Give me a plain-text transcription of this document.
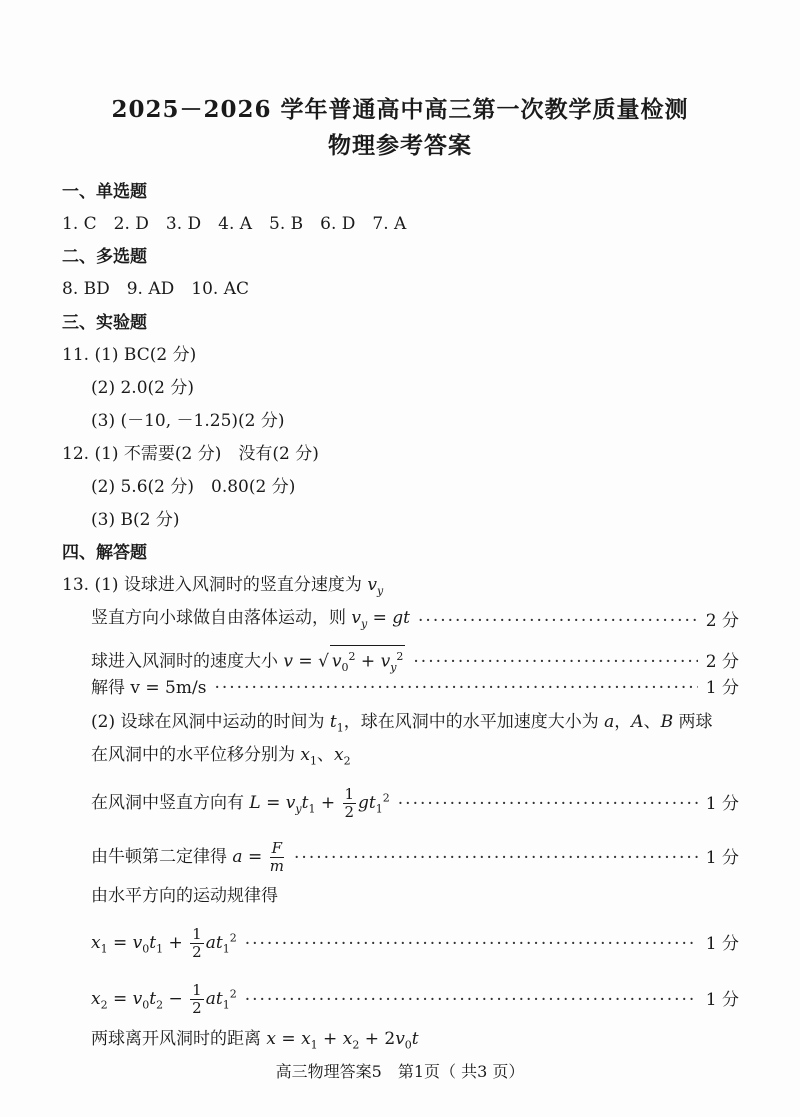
2025－2026 学年普通高中高三第一次教学质量检测
物理参考答案
一、单选题
1. C　2. D　3. D　4. A　5. B　6. D　7. A
二、多选题
8. BD　9. AD　10. AC
三、实验题
11. (1) BC(2 分)
(2) 2.0(2 分)
(3) (－10, －1.25)(2 分)
12. (1) 不需要(2 分)　没有(2 分)
(2) 5.6(2 分)　0.80(2 分)
(3) B(2 分)
四、解答题
13. (1) 设球进入风洞时的竖直分速度为 $v_y$
竖直方向小球做自由落体运动，则 $v_y$ = gt ·····	2 分
球进入风洞时的速度大小 v = √ $v_0^2 + v_y^2$ ·····	2 分
解得 v = 5m/s ·····	1 分
(2) 设球在风洞中运动的时间为 $t_1$，球在风洞中的水平加速度大小为 a，A、B 两球
在风洞中的水平位移分别为 $x_1$、$x_2$
在风洞中竖直方向有 $L = v_yt_1 + \frac{1}{2} gt_1^2$ ·····	1 分
由牛顿第二定律得 $a = \frac{F}{m}$ ·····	1 分
由水平方向的运动规律得
$x_1 = v_0t_1 + \frac{1}{2} at_1^2$ ·····	1 分
$x_2 = v_0t_2 - \frac{1}{2} at_1^2$ ·····	1 分
两球离开风洞时的距离 $x = x_1 + x_2 + 2v_0t$
高三物理答案5　第1页（ 共3 页）
